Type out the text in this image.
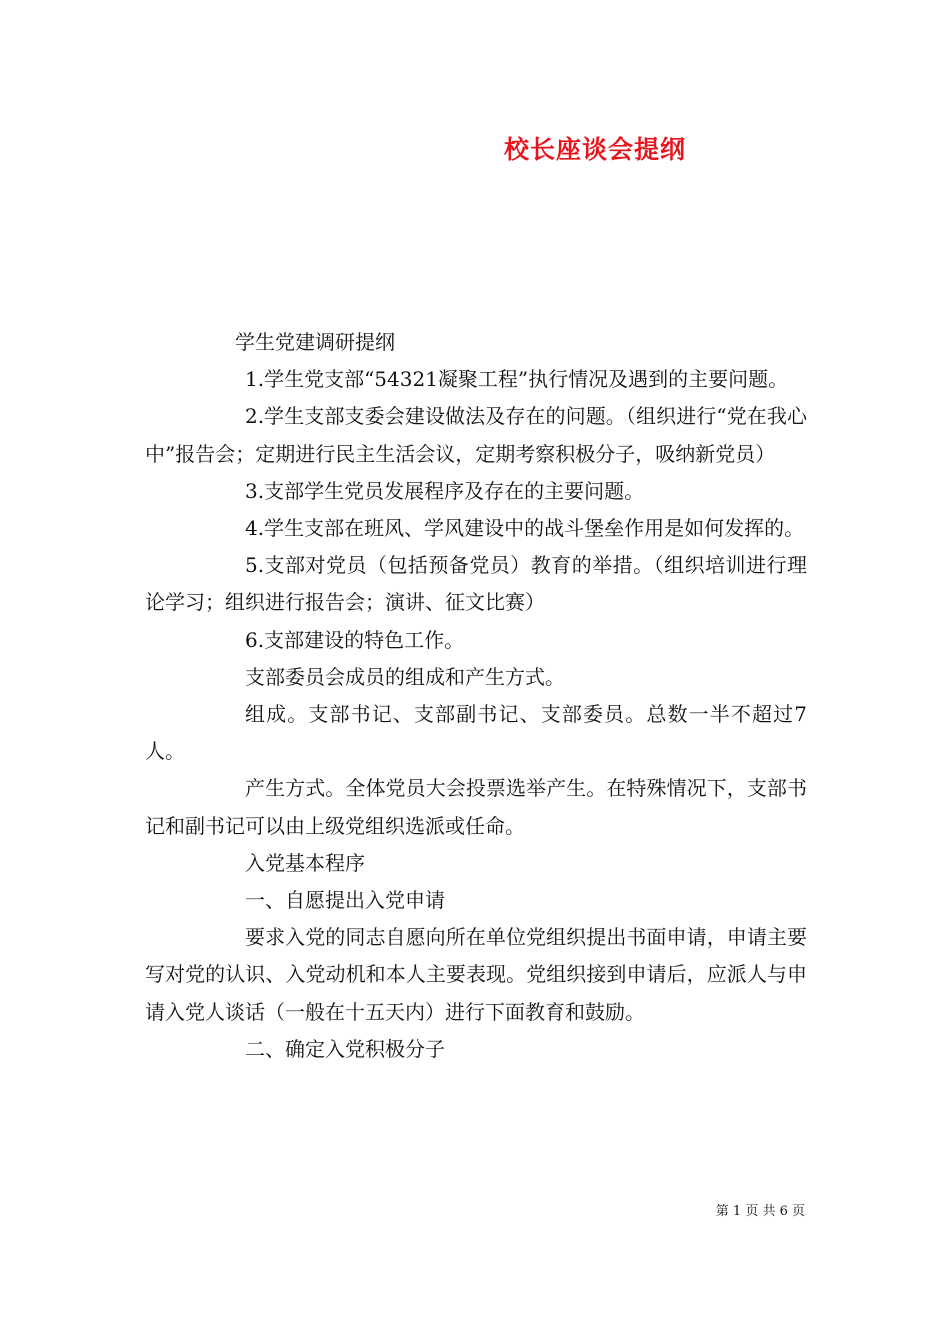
校长座谈会提纲

学生党建调研提纲

1.学生党支部“54321凝聚工程”执行情况及遇到的主要问题。

2.学生支部支委会建设做法及存在的问题。（组织进行“党在我心中”报告会；定期进行民主生活会议，定期考察积极分子，吸纳新党员）

3.支部学生党员发展程序及存在的主要问题。

4.学生支部在班风、学风建设中的战斗堡垒作用是如何发挥的。

5.支部对党员（包括预备党员）教育的举措。（组织培训进行理论学习；组织进行报告会；演讲、征文比赛）

6.支部建设的特色工作。

支部委员会成员的组成和产生方式。

组成。支部书记、支部副书记、支部委员。总数一半不超过7人。

产生方式。全体党员大会投票选举产生。在特殊情况下，支部书记和副书记可以由上级党组织选派或任命。

入党基本程序

一、自愿提出入党申请

要求入党的同志自愿向所在单位党组织提出书面申请，申请主要写对党的认识、入党动机和本人主要表现。党组织接到申请后，应派人与申请入党人谈话（一般在十五天内）进行下面教育和鼓励。

二、确定入党积极分子

第 1 页 共 6 页
